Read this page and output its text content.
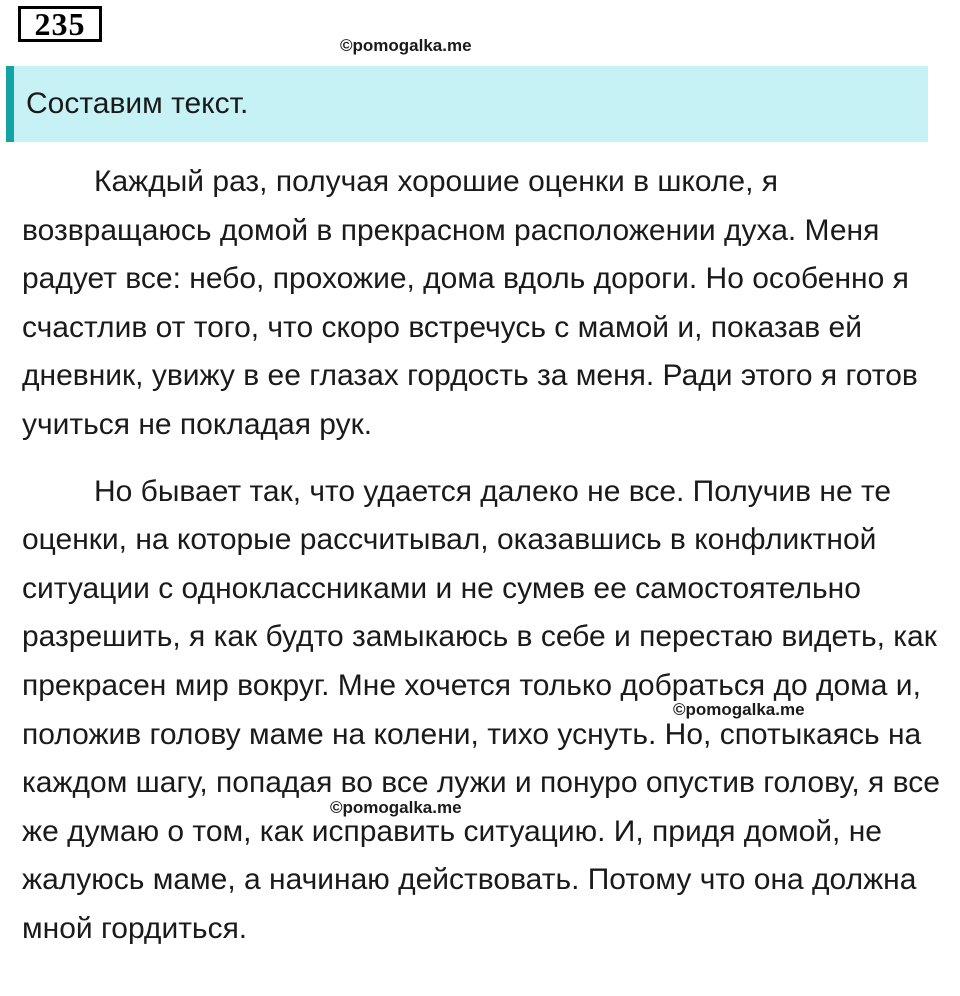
235
©pomogalka.me
Составим текст.

Каждый раз, получая хорошие оценки в школе, я возвращаюсь домой в прекрасном расположении духа. Меня радует все: небо, прохожие, дома вдоль дороги. Но особенно я счастлив от того, что скоро встречусь с мамой и, показав ей дневник, увижу в ее глазах гордость за меня. Ради этого я готов учиться не покладая рук.

Но бывает так, что удается далеко не все. Получив не те оценки, на которые рассчитывал, оказавшись в конфликтной ситуации с одноклассниками и не сумев ее самостоятельно разрешить, я как будто замыкаюсь в себе и перестаю видеть, как прекрасен мир вокруг. Мне хочется только добраться до дома и, положив голову маме на колени, тихо уснуть. Но, спотыкаясь на каждом шагу, попадая во все лужи и понуро опустив голову, я все же думаю о том, как исправить ситуацию. И, придя домой, не жалуюсь маме, а начинаю действовать. Потому что она должна мной гордиться.

©pomogalka.me
©pomogalka.me
